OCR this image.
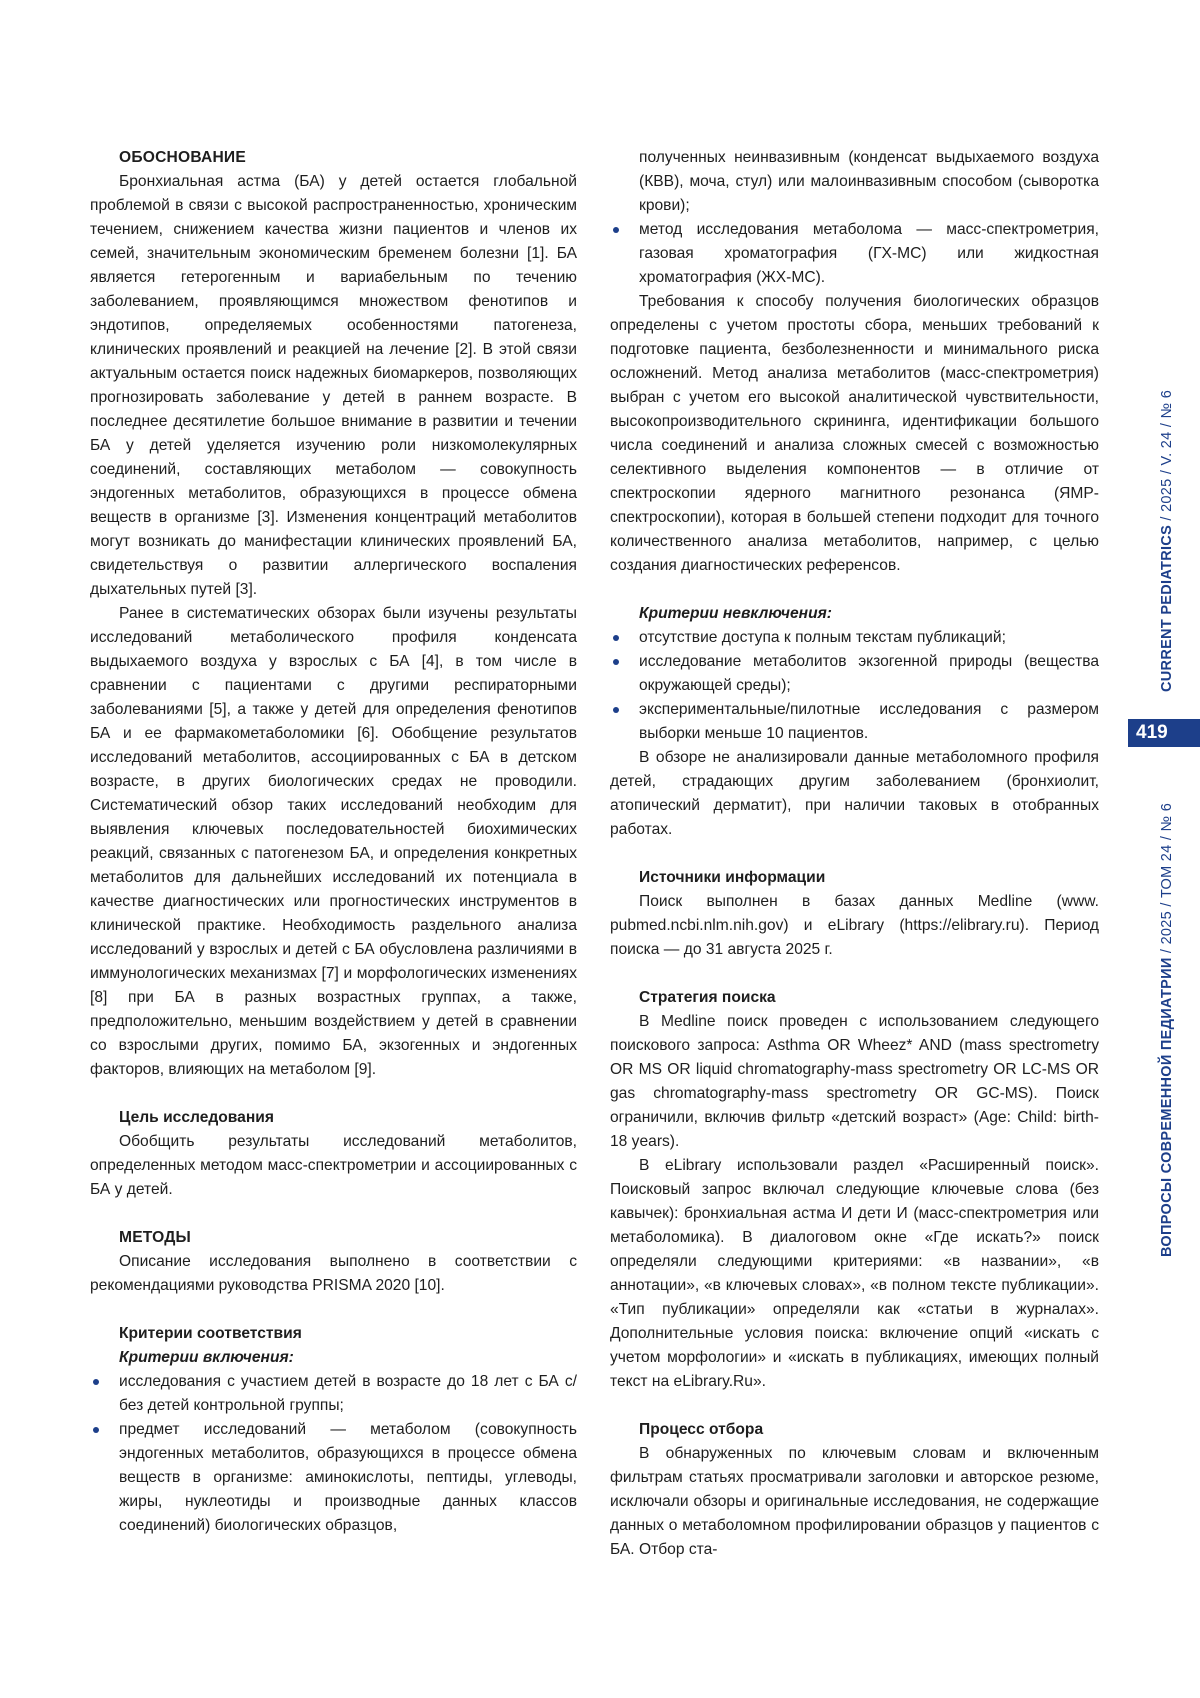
ОБОСНОВАНИЕ

Бронхиальная астма (БА) у детей остается глобальной проблемой в связи с высокой распространенностью, хроническим течением, снижением качества жизни пациентов и членов их семей, значительным экономическим бременем болезни [1]. БА является гетерогенным и вариабельным по течению заболеванием, проявляющимся множеством фенотипов и эндотипов, определяемых особенностями патогенеза, клинических проявлений и реакцией на лечение [2]. В этой связи актуальным остается поиск надежных биомаркеров, позволяющих прогнозировать заболевание у детей в раннем возрасте. В последнее десятилетие большое внимание в развитии и течении БА у детей уделяется изучению роли низкомолекулярных соединений, составляющих метаболом — совокупность эндогенных метаболитов, образующихся в процессе обмена веществ в организме [3]. Изменения концентраций метаболитов могут возникать до манифестации клинических проявлений БА, свидетельствуя о развитии аллергического воспаления дыхательных путей [3].

Ранее в систематических обзорах были изучены результаты исследований метаболического профиля конденсата выдыхаемого воздуха у взрослых с БА [4], в том числе в сравнении с пациентами с другими респираторными заболеваниями [5], а также у детей для определения фенотипов БА и ее фармакометаболомики [6]. Обобщение результатов исследований метаболитов, ассоциированных с БА в детском возрасте, в других биологических средах не проводили. Систематический обзор таких исследований необходим для выявления ключевых последовательностей биохимических реакций, связанных с патогенезом БА, и определения конкретных метаболитов для дальнейших исследований их потенциала в качестве диагностических или прогностических инструментов в клинической практике. Необходимость раздельного анализа исследований у взрослых и детей с БА обусловлена различиями в иммунологических механизмах [7] и морфологических изменениях [8] при БА в разных возрастных группах, а также, предположительно, меньшим воздействием у детей в сравнении со взрослыми других, помимо БА, экзогенных и эндогенных факторов, влияющих на метаболом [9].

Цель исследования

Обобщить результаты исследований метаболитов, определенных методом масс-спектрометрии и ассоциированных с БА у детей.

МЕТОДЫ

Описание исследования выполнено в соответствии с рекомендациями руководства PRISMA 2020 [10].

Критерии соответствия

Критерии включения:

исследования с участием детей в возрасте до 18 лет с БА с/без детей контрольной группы;
предмет исследований — метаболом (совокупность эндогенных метаболитов, образующихся в процессе обмена веществ в организме: аминокислоты, пептиды, углеводы, жиры, нуклеотиды и производные данных классов соединений) биологических образцов,

полученных неинвазивным (конденсат выдыхаемого воздуха (КВВ), моча, стул) или малоинвазивным способом (сыворотка крови);

метод исследования метаболома — масс-спектрометрия, газовая хроматография (ГХ-МС) или жидкостная хроматография (ЖХ-МС).

Требования к способу получения биологических образцов определены с учетом простоты сбора, меньших требований к подготовке пациента, безболезненности и минимального риска осложнений. Метод анализа метаболитов (масс-спектрометрия) выбран с учетом его высокой аналитической чувствительности, высокопроизводительного скрининга, идентификации большого числа соединений и анализа сложных смесей с возможностью селективного выделения компонентов — в отличие от спектроскопии ядерного магнитного резонанса (ЯМР-спектроскопии), которая в большей степени подходит для точного количественного анализа метаболитов, например, с целью создания диагностических референсов.

Критерии невключения:

отсутствие доступа к полным текстам публикаций;
исследование метаболитов экзогенной природы (вещества окружающей среды);
экспериментальные/пилотные исследования с размером выборки меньше 10 пациентов.

В обзоре не анализировали данные метаболомного профиля детей, страдающих другим заболеванием (бронхиолит, атопический дерматит), при наличии таковых в отобранных работах.

Источники информации

Поиск выполнен в базах данных Medline (www. pubmed.ncbi.nlm.nih.gov) и eLibrary (https://elibrary.ru). Период поиска — до 31 августа 2025 г.

Стратегия поиска

В Medline поиск проведен с использованием следующего поискового запроса: Asthma OR Wheez* AND (mass spectrometry OR MS OR liquid chromatography-mass spectrometry OR LC-MS OR gas chromatography-mass spectrometry OR GC-MS). Поиск ограничили, включив фильтр «детский возраст» (Age: Child: birth-18 years).

В eLibrary использовали раздел «Расширенный поиск». Поисковый запрос включал следующие ключевые слова (без кавычек): бронхиальная астма И дети И (масс-спектрометрия или метаболомика). В диалоговом окне «Где искать?» поиск определяли следующими критериями: «в названии», «в аннотации», «в ключевых словах», «в полном тексте публикации». «Тип публикации» определяли как «статьи в журналах». Дополнительные условия поиска: включение опций «искать с учетом морфологии» и «искать в публикациях, имеющих полный текст на eLibrary.Ru».

Процесс отбора

В обнаруженных по ключевым словам и включенным фильтрам статьях просматривали заголовки и авторское резюме, исключали обзоры и оригинальные исследования, не содержащие данных о метаболомном профилировании образцов у пациентов с БА. Отбор ста-

CURRENT PEDIATRICS / 2025 / V. 24 / № 6
419
ВОПРОСЫ СОВРЕМЕННОЙ ПЕДИАТРИИ / 2025 / ТОМ 24 / № 6
